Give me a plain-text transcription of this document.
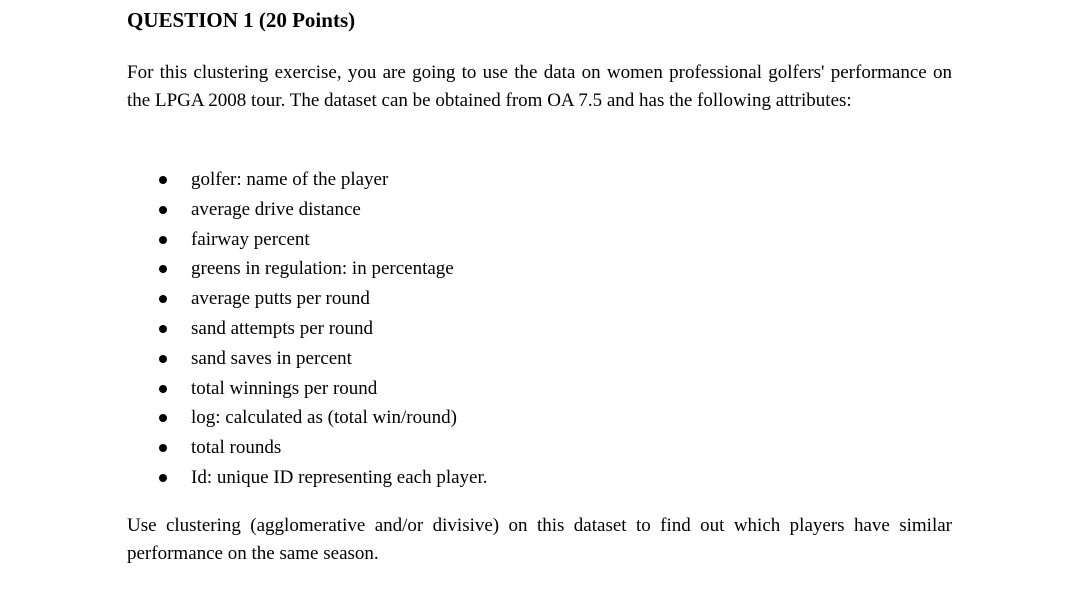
QUESTION 1 (20 Points)

For this clustering exercise, you are going to use the data on women professional golfers' performance on the LPGA 2008 tour. The dataset can be obtained from OA 7.5 and has the following attributes:

golfer: name of the player
average drive distance
fairway percent
greens in regulation: in percentage
average putts per round
sand attempts per round
sand saves in percent
total winnings per round
log: calculated as (total win/round)
total rounds
Id: unique ID representing each player.

Use clustering (agglomerative and/or divisive) on this dataset to find out which players have similar performance on the same season.
